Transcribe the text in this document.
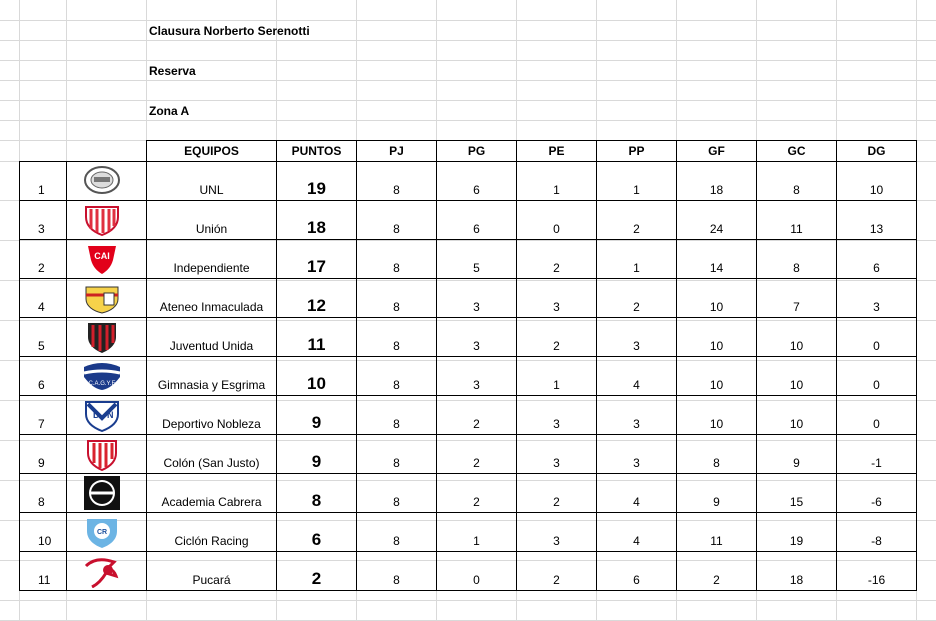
Clausura Norberto Serenotti
Reserva
Zona A
		EQUIPOS	PUNTOS	PJ	PG	PE	PP	GF	GC	DG
1		UNL	19	8	6	1	1	18	8	10
3		Unión	18	8	6	0	2	24	11	13
2	CAI	Independiente	17	8	5	2	1	14	8	6
4		Ateneo Inmaculada	12	8	3	3	2	10	7	3
5		Juventud Unida	11	8	3	2	3	10	10	0
6	C.A.G.Y.E	Gimnasia y Esgrima	10	8	3	1	4	10	10	0
7	D N	Deportivo Nobleza	9	8	2	3	3	10	10	0
9		Colón (San Justo)	9	8	2	3	3	8	9	-1
8		Academia Cabrera	8	8	2	2	4	9	15	-6
10	CR	Ciclón Racing	6	8	1	3	4	11	19	-8
11		Pucará	2	8	0	2	6	2	18	-16
